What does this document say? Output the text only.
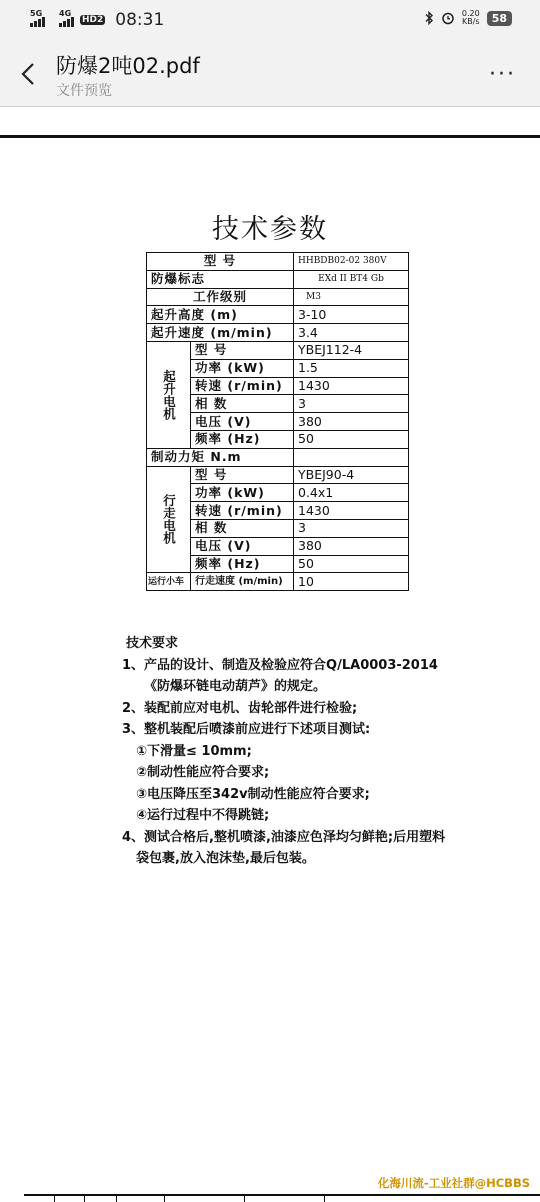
5G 4G
HD2 08:31	0.20
KB/s	58
防爆2吨02.pdf
文件预览
···
技术参数
型 号		HHBDB02-02 380V
防爆标志		EXd II BT4 Gb
工作级别		M3
起升高度 (m)		3-10
起升速度 (m/min)		3.4
起升电机	型 号	YBEJ112-4
	功率 (kW)	1.5
	转速 (r/min)	1430
	相 数	3
	电压 (V)	380
	频率 (Hz)	50
制动力矩 N.m		
行走电机	型 号	YBEJ90-4
	功率 (kW)	0.4x1
	转速 (r/min)	1430
	相 数	3
	电压 (V)	380
	频率 (Hz)	50
运行小车	行走速度 (m/min)	10
技术要求
1、产品的设计、制造及检验应符合Q/LA0003-2014
《防爆环链电动葫芦》的规定。
2、装配前应对电机、齿轮部件进行检验;
3、整机装配后喷漆前应进行下述项目测试:
①下滑量≤ 10mm;
②制动性能应符合要求;
③电压降压至342v制动性能应符合要求;
④运行过程中不得跳链;
4、测试合格后,整机喷漆,油漆应色泽均匀鲜艳;后用塑料
袋包裹,放入泡沫垫,最后包装。
化海川流-工业社群@HCBBS
